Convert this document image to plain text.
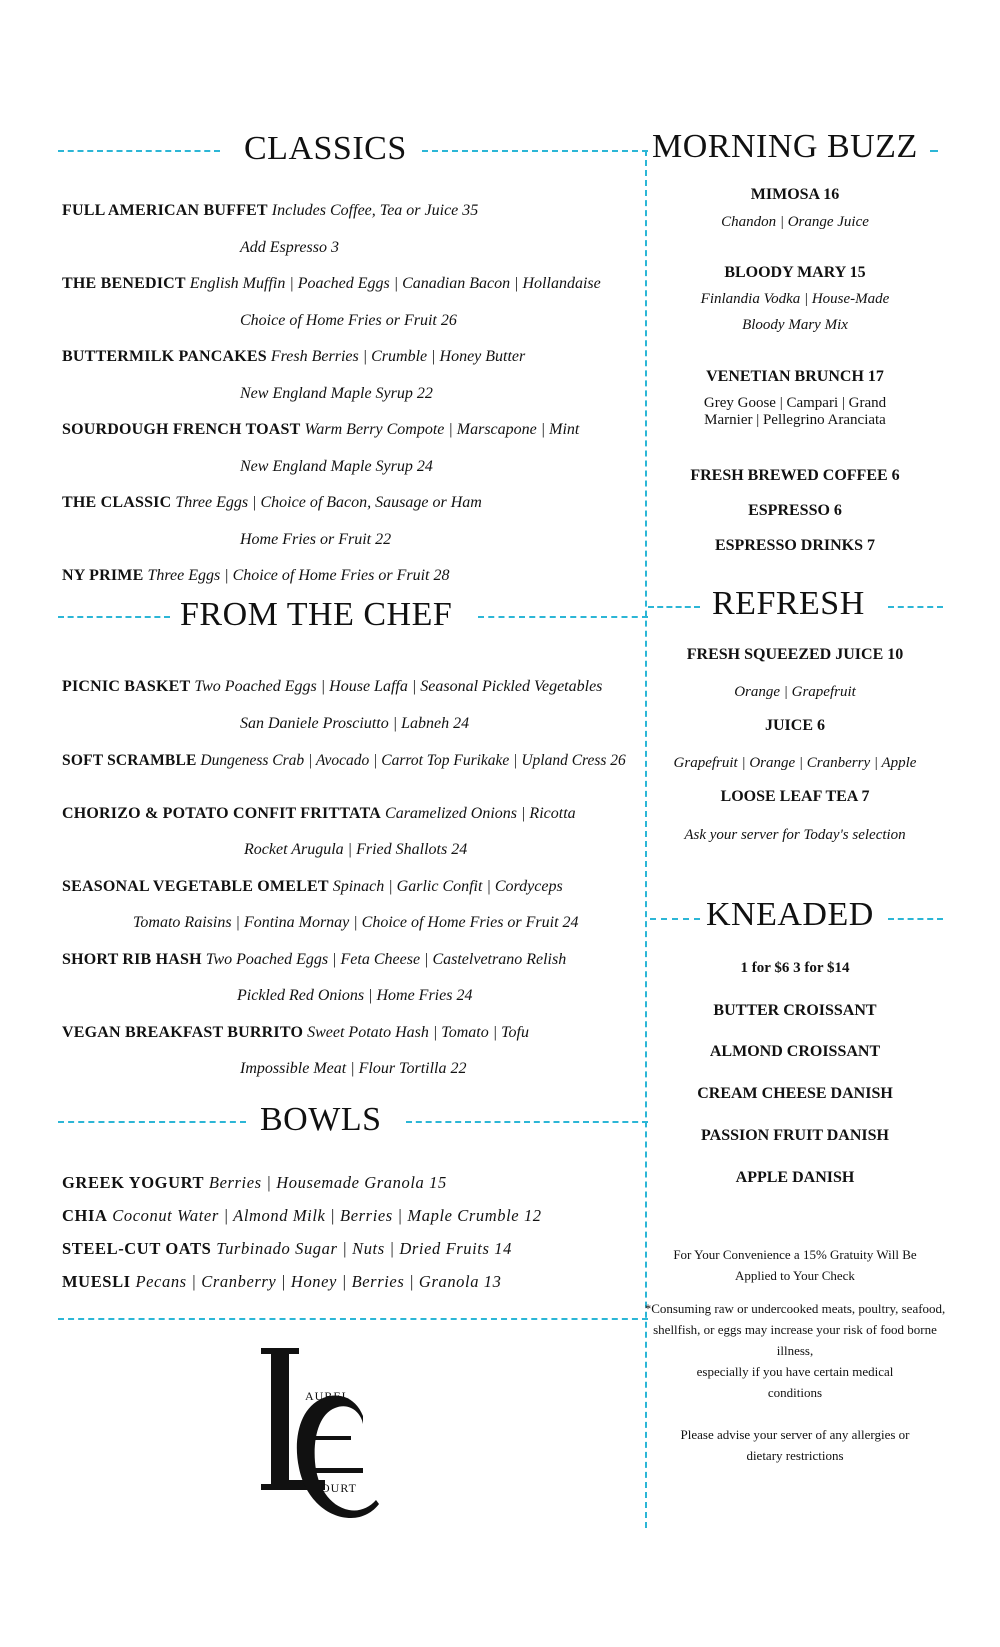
CLASSICS
FULL AMERICAN BUFFET Includes Coffee, Tea or Juice 35
Add Espresso 3
THE BENEDICT English Muffin | Poached Eggs | Canadian Bacon | Hollandaise
Choice of Home Fries or Fruit 26
BUTTERMILK PANCAKES Fresh Berries | Crumble | Honey Butter
New England Maple Syrup 22
SOURDOUGH FRENCH TOAST Warm Berry Compote | Marscapone | Mint
New England Maple Syrup 24
THE CLASSIC Three Eggs | Choice of Bacon, Sausage or Ham
Home Fries or Fruit 22
NY PRIME Three Eggs | Choice of Home Fries or Fruit 28
FROM THE CHEF
PICNIC BASKET Two Poached Eggs | House Laffa | Seasonal Pickled Vegetables
San Daniele Prosciutto | Labneh 24
SOFT SCRAMBLE Dungeness Crab | Avocado | Carrot Top Furikake | Upland Cress 26
CHORIZO & POTATO CONFIT FRITTATA Caramelized Onions | Ricotta
Rocket Arugula | Fried Shallots 24
SEASONAL VEGETABLE OMELET Spinach | Garlic Confit | Cordyceps
Tomato Raisins | Fontina Mornay | Choice of Home Fries or Fruit 24
SHORT RIB HASH Two Poached Eggs | Feta Cheese | Castelvetrano Relish
Pickled Red Onions | Home Fries 24
VEGAN BREAKFAST BURRITO Sweet Potato Hash | Tomato | Tofu
Impossible Meat | Flour Tortilla 22
BOWLS
GREEK YOGURT Berries | Housemade Granola 15
CHIA Coconut Water | Almond Milk | Berries | Maple Crumble 12
STEEL-CUT OATS Turbinado Sugar | Nuts | Dried Fruits 14
MUESLI Pecans | Cranberry | Honey | Berries | Granola 13
AUREL
OURT
MORNING BUZZ
MIMOSA 16
Chandon | Orange Juice
BLOODY MARY 15
Finlandia Vodka | House-Made
Bloody Mary Mix
VENETIAN BRUNCH 17
Grey Goose | Campari | Grand
Marnier | Pellegrino Aranciata
FRESH BREWED COFFEE 6
ESPRESSO 6
ESPRESSO DRINKS 7
REFRESH
FRESH SQUEEZED JUICE 10
Orange | Grapefruit
JUICE 6
Grapefruit | Orange | Cranberry | Apple
LOOSE LEAF TEA 7
Ask your server for Today's selection
KNEADED
1 for $6 3 for $14
BUTTER CROISSANT
ALMOND CROISSANT
CREAM CHEESE DANISH
PASSION FRUIT DANISH
APPLE DANISH
For Your Convenience a 15% Gratuity Will Be Applied to Your Check
*Consuming raw or undercooked meats, poultry, seafood, shellfish, or eggs may increase your risk of food borne illness,
especially if you have certain medical conditions
Please advise your server of any allergies or dietary restrictions
